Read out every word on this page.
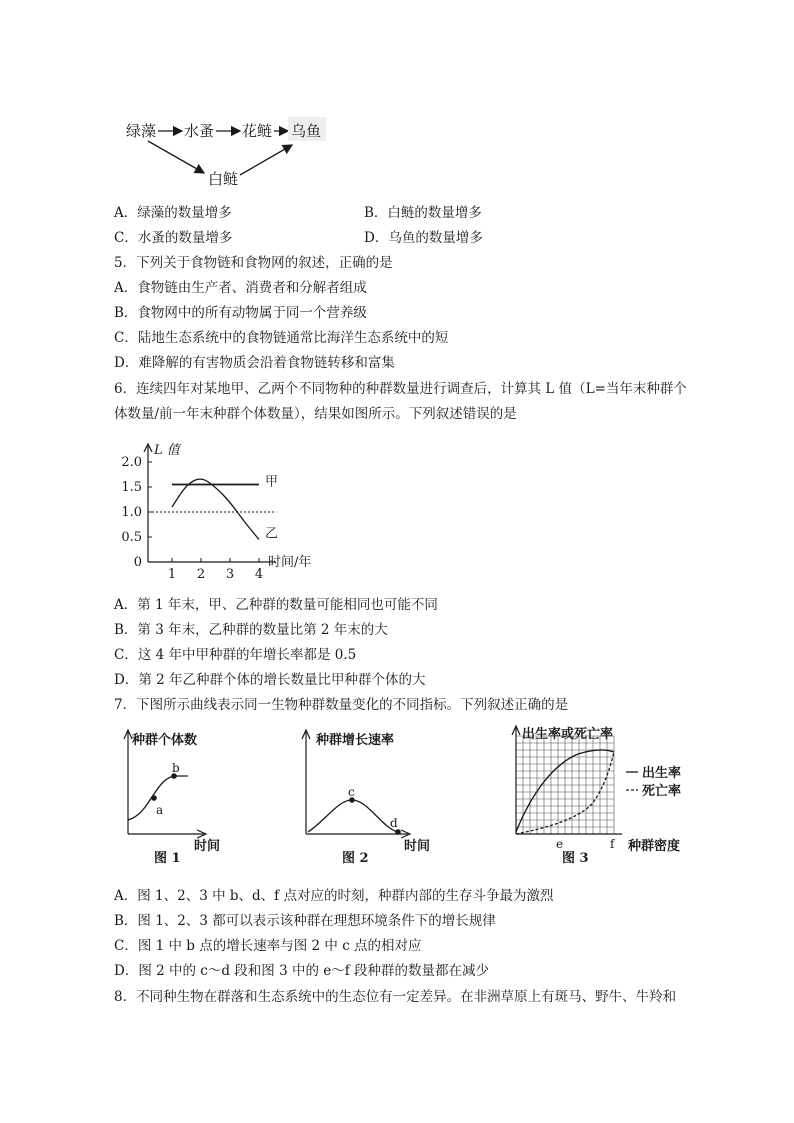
绿藻 水蚤 花鲢 乌鱼
白鲢
A．绿藻的数量增多	B．白鲢的数量增多
C．水蚤的数量增多	D．乌鱼的数量增多
5．下列关于食物链和食物网的叙述，正确的是
A．食物链由生产者、消费者和分解者组成
B．食物网中的所有动物属于同一个营养级
C．陆地生态系统中的食物链通常比海洋生态系统中的短
D．难降解的有害物质会沿着食物链转移和富集
6．连续四年对某地甲、乙两个不同物种的种群数量进行调查后，计算其 L 值（L=当年末种群个
体数量/前一年末种群个体数量），结果如图所示。下列叙述错误的是
L 值
时间/年
0
0.5
1.0
1.5
2.0
1 2 3 4
甲
乙
A．第 1 年末，甲、乙种群的数量可能相同也可能不同
B．第 3 年末，乙种群的数量比第 2 年末的大
C．这 4 年中甲种群的年增长率都是 0.5
D．第 2 年乙种群个体的增长数量比甲种群个体的大
7．下图所示曲线表示同一生物种群数量变化的不同指标。下列叙述正确的是
种群个体数
a
b
时间
图 1
种群增长速率
c
d
时间
图 2
出生率或死亡率
出生率
死亡率
e	f 种群密度
图 3
A．图 1、2、3 中 b、d、f 点对应的时刻，种群内部的生存斗争最为激烈
B．图 1、2、3 都可以表示该种群在理想环境条件下的增长规律
C．图 1 中 b 点的增长速率与图 2 中 c 点的相对应
D．图 2 中的 c～d 段和图 3 中的 e～f 段种群的数量都在减少
8．不同种生物在群落和生态系统中的生态位有一定差异。在非洲草原上有斑马、野牛、牛羚和
